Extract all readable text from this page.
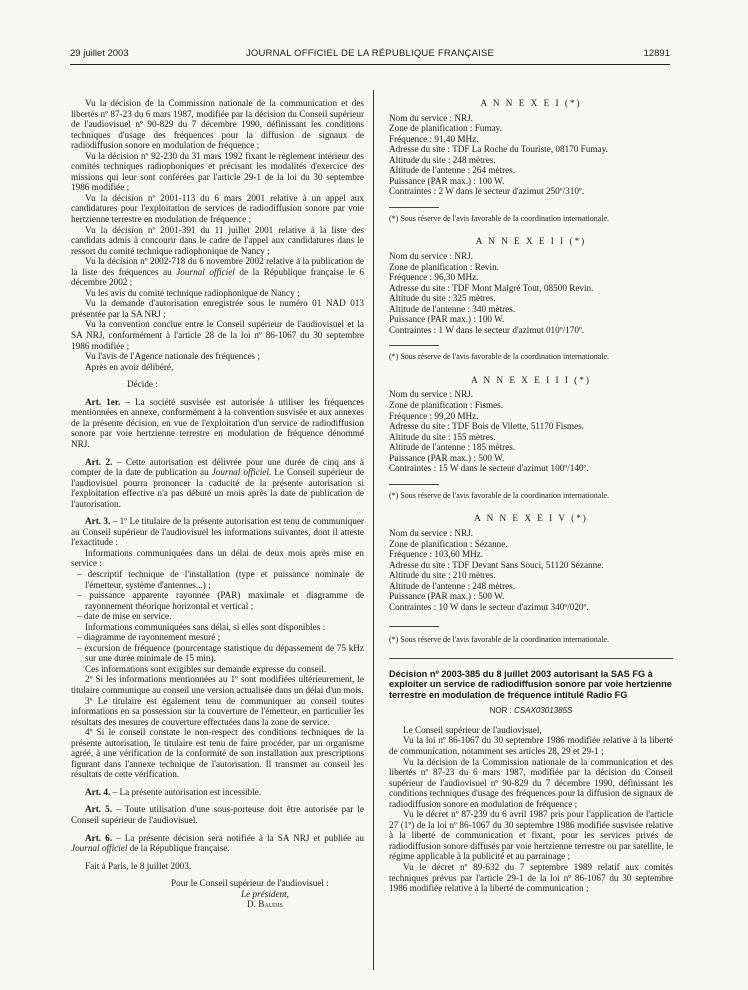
29 juillet 2003	JOURNAL OFFICIEL DE LA RÉPUBLIQUE FRANÇAISE	12891

Vu la décision de la Commission nationale de la communication et des libertés nº 87-23 du 6 mars 1987, modifiée par la décision du Conseil supérieur de l'audiovisuel nº 90-829 du 7 décembre 1990, définissant les conditions techniques d'usage des fréquences pour la diffusion de signaux de radiodiffusion sonore en modulation de fréquence ;

Vu la décision nº 92-230 du 31 mars 1992 fixant le règlement intérieur des comités techniques radiophoniques et précisant les modalités d'exercice des missions qui leur sont conférées par l'article 29-1 de la loi du 30 septembre 1986 modifiée ;

Vu la décision nº 2001-113 du 6 mars 2001 relative à un appel aux candidatures pour l'exploitation de services de radiodiffusion sonore par voie hertzienne terrestre en modulation de fréquence ;

Vu la décision nº 2001-391 du 11 juillet 2001 relative à la liste des candidats admis à concourir dans le cadre de l'appel aux candidatures dans le ressort du comité technique radiophonique de Nancy ;

Vu la décision nº 2002-718 du 6 novembre 2002 relative à la publication de la liste des fréquences au Journal officiel de la République française le 6 décembre 2002 ;

Vu les avis du comité technique radiophonique de Nancy ;

Vu la demande d'autorisation enregistrée sous le numéro 01 NAD 013 présentée par la SA NRJ ;

Vu la convention conclue entre le Conseil supérieur de l'audiovisuel et la SA NRJ, conformément à l'article 28 de la loi nº 86-1067 du 30 septembre 1986 modifiée ;

Vu l'avis de l'Agence nationale des fréquences ;

Après en avoir délibéré,

Décide :

Art. 1er. – La société susvisée est autorisée à utiliser les fréquences mentionnées en annexe, conformément à la convention susvisée et aux annexes de la présente décision, en vue de l'exploitation d'un service de radiodiffusion sonore par voie hertzienne terrestre en modulation de fréquence dénommé NRJ.

Art. 2. – Cette autorisation est délivrée pour une durée de cinq ans à compter de la date de publication au Journal officiel. Le Conseil supérieur de l'audiovisuel pourra prononcer la caducité de la présente autorisation si l'exploitation effective n'a pas débuté un mois après la date de publication de l'autorisation.

Art. 3. – 1º Le titulaire de la présente autorisation est tenu de communiquer au Conseil supérieur de l'audiovisuel les informations suivantes, dont il atteste l'exactitude :

Informations communiquées dans un délai de deux mois après mise en service :

– descriptif technique de l'installation (type et puissance nominale de l'émetteur, système d'antennes...) ;

– puissance apparente rayonnée (PAR) maximale et diagramme de rayonnement théorique horizontal et vertical ;

– date de mise en service.

Informations communiquées sans délai, si elles sont disponibles :

– diagramme de rayonnement mesuré ;

– excursion de fréquence (pourcentage statistique du dépassement de 75 kHz sur une durée minimale de 15 min).

Ces informations sont exigibles sur demande expresse du conseil.

2º Si les informations mentionnées au 1º sont modifiées ultérieurement, le titulaire communique au conseil une version actualisée dans un délai d'un mois.

3º Le titulaire est également tenu de communiquer au conseil toutes informations en sa possession sur la couverture de l'émetteur, en particulier les résultats des mesures de couverture effectuées dans la zone de service.

4º Si le conseil constate le non-respect des conditions techniques de la présente autorisation, le titulaire est tenu de faire procéder, par un organisme agréé, à une vérification de la conformité de son installation aux prescriptions figurant dans l'annexe technique de l'autorisation. Il transmet au conseil les résultats de cette vérification.

Art. 4. – La présente autorisation est incessible.

Art. 5. – Toute utilisation d'une sous-porteuse doit être autorisée par le Conseil supérieur de l'audiovisuel.

Art. 6. – La présente décision sera notifiée à la SA NRJ et publiée au Journal officiel de la République française.

Fait à Paris, le 8 juillet 2003.

Pour le Conseil supérieur de l'audiovisuel :

Le président,

D. Baudis

A N N E X E I (*)

Nom du service : NRJ.

Zone de planification : Fumay.

Fréquence : 91,40 MHz.

Adresse du site : TDF La Roche du Touriste, 08170 Fumay.

Altitude du site : 248 mètres.

Altitude de l'antenne : 264 mètres.

Puissance (PAR max.) : 100 W.

Contraintes : 2 W dans le secteur d'azimut 250º/310º.

(*) Sous réserve de l'avis favorable de la coordination internationale.

A N N E X E I I (*)

Nom du service : NRJ.

Zone de planification : Revin.

Fréquence : 96,30 MHz.

Adresse du site : TDF Mont Malgré Tout, 08500 Revin.

Altitude du site : 325 mètres.

Altitude de l'antenne : 340 mètres.

Puissance (PAR max.) : 100 W.

Contraintes : 1 W dans le secteur d'azimut 010º/170º.

(*) Sous réserve de l'avis favorable de la coordination internationale.

A N N E X E I I I (*)

Nom du service : NRJ.

Zone de planification : Fismes.

Fréquence : 99,20 MHz.

Adresse du site : TDF Bois de Vilette, 51170 Fismes.

Altitude du site : 155 mètres.

Altitude de l'antenne : 185 mètres.

Puissance (PAR max.) : 500 W.

Contraintes : 15 W dans le secteur d'azimut 100º/140º.

(*) Sous réserve de l'avis favorable de la coordination internationale.

A N N E X E I V (*)

Nom du service : NRJ.

Zone de planification : Sézanne.

Fréquence : 103,60 MHz.

Adresse du site : TDF Devant Sans Souci, 51120 Sézanne.

Altitude du site : 210 mètres.

Altitude de l'antenne : 248 mètres.

Puissance (PAR max.) : 500 W.

Contraintes : 10 W dans le secteur d'azimut 340º/020º.

(*) Sous réserve de l'avis favorable de la coordination internationale.

Décision nº 2003-385 du 8 juillet 2003 autorisant la SAS FG à exploiter un service de radiodiffusion sonore par voie hertzienne terrestre en modulation de fréquence intitulé Radio FG

NOR : CSAX0301385S

Le Conseil supérieur de l'audiovisuel,

Vu la loi nº 86-1067 du 30 septembre 1986 modifiée relative à la liberté de communication, notamment ses articles 28, 29 et 29-1 ;

Vu la décision de la Commission nationale de la communication et des libertés nº 87-23 du 6 mars 1987, modifiée par la décision du Conseil supérieur de l'audiovisuel nº 90-829 du 7 décembre 1990, définissant les conditions techniques d'usage des fréquences pour la diffusion de signaux de radiodiffusion sonore en modulation de fréquence ;

Vu le décret nº 87-239 du 6 avril 1987 pris pour l'application de l'article 27 (1º) de la loi nº 86-1067 du 30 septembre 1986 modifiée susvisée relative à la liberté de communication et fixant, pour les services privés de radiodiffusion sonore diffusés par voie hertzienne terrestre ou par satellite, le régime applicable à la publicité et au parrainage ;

Vu le décret nº 89-632 du 7 septembre 1989 relatif aux comités techniques prévus par l'article 29-1 de la loi nº 86-1067 du 30 septembre 1986 modifiée relative à la liberté de communication ;
